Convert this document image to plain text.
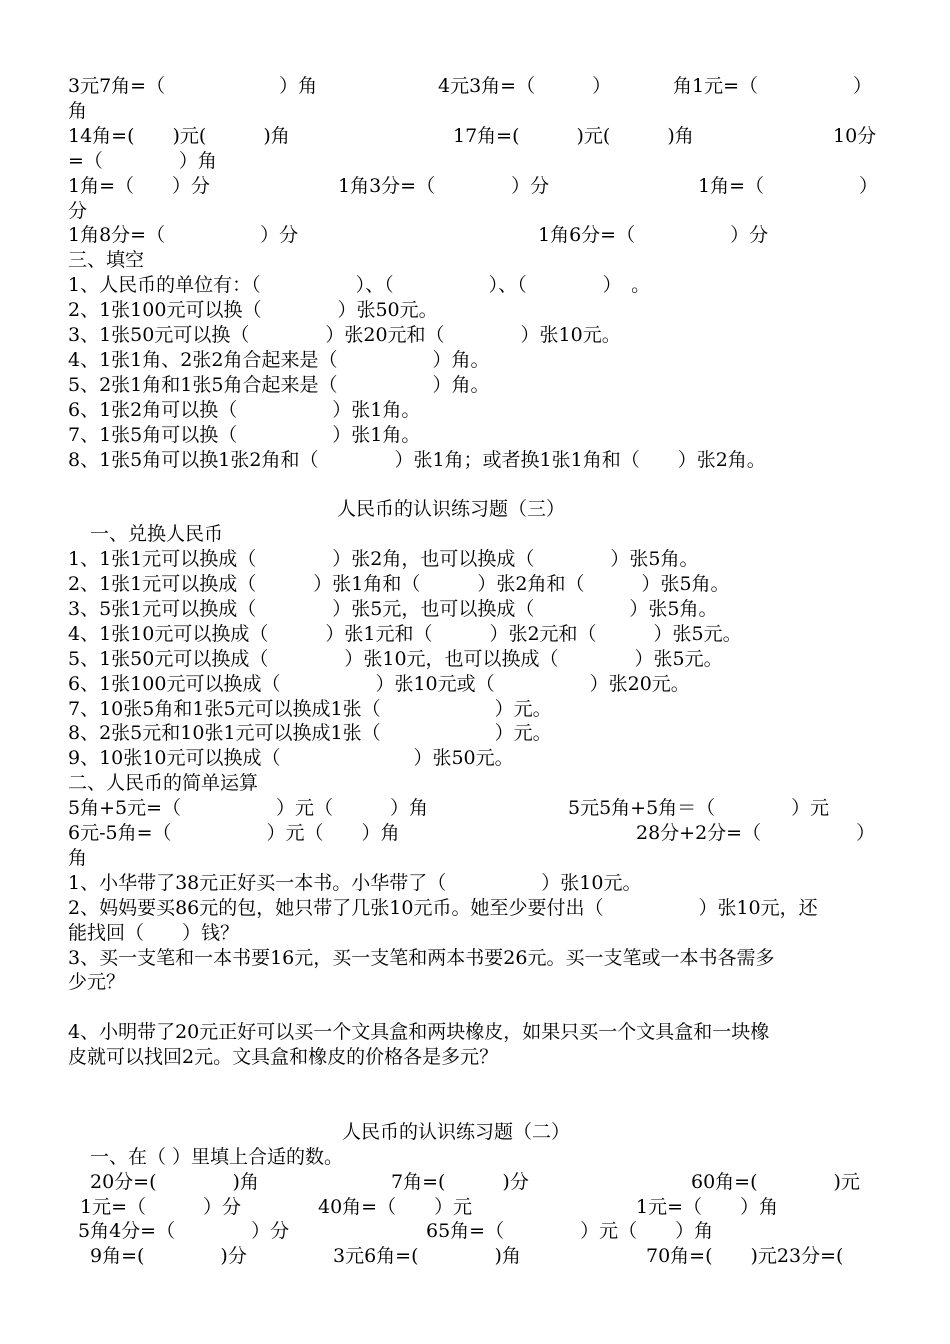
3元7角=（　　　　　　）角	4元3角=（　　　）	角1元=（　　　　　）
角
14角=(　　)元(　　　)角	17角=(　　　)元(　　　)角	10分
=（　　　　）角
1角=（　　）分	1角3分=（　　　　）分	1角=（　　　　　）
分
1角8分=（　　　　　）分	1角6分=（　　　　　）分
三、填空
1、人民币的单位有：（　　　　　）、（　　　　　）、（　　　　）　。
2、1张100元可以换（　　　　）张50元。
3、1张50元可以换（　　　　）张20元和（　　　　）张10元。
4、1张1角、2张2角合起来是（　　　　　）角。
5、2张1角和1张5角合起来是（　　　　　）角。
6、1张2角可以换（　　　　　）张1角。
7、1张5角可以换（　　　　　）张1角。
8、1张5角可以换1张2角和（　　　　）张1角；或者换1张1角和（　　）张2角。
人民币的认识练习题（三）
一、兑换人民币
1、1张1元可以换成（　　　　）张2角，也可以换成（　　　　）张5角。
2、1张1元可以换成（　　　）张1角和（　　　）张2角和（　　　）张5角。
3、5张1元可以换成（　　　　）张5元，也可以换成（　　　　　）张5角。
4、1张10元可以换成（　　　）张1元和（　　　）张2元和（　　　）张5元。
5、1张50元可以换成（　　　　）张10元，也可以换成（　　　　）张5元。
6、1张100元可以换成（　　　　　）张10元或（　　　　　）张20元。
7、10张5角和1张5元可以换成1张（　　　　　　）元。
8、2张5元和10张1元可以换成1张（　　　　　　）元。
9、10张10元可以换成（　　　　　　　）张50元。
二、人民币的简单运算
5角+5元=（　　　　　）元（　　　）角	5元5角+5角＝（　　　　）元
6元-5角=（　　　　　）元（　　）角	28分+2分=（　　　　　）
角
1、小华带了38元正好买一本书。小华带了（　　　　　）张10元。
2、妈妈要买86元的包，她只带了几张10元币。她至少要付出（　　　　　）张10元，还
能找回（　　）钱？
3、买一支笔和一本书要16元，买一支笔和两本书要26元。买一支笔或一本书各需多
少元？
4、小明带了20元正好可以买一个文具盒和两块橡皮，如果只买一个文具盒和一块橡
皮就可以找回2元。文具盒和橡皮的价格各是多元？
人民币的认识练习题（二）
一、在（ ）里填上合适的数。
20分=(　　　　)角	7角=(　　　)分	60角=(　　　　)元
1元=（　　　）分	40角=（　　）元	1元=（　　）角
5角4分=（　　　　）分	65角=（　　　　）元（　　）角
9角=(　　　　)分	3元6角=(　　　　)角	70角=(　　)元23分=(
